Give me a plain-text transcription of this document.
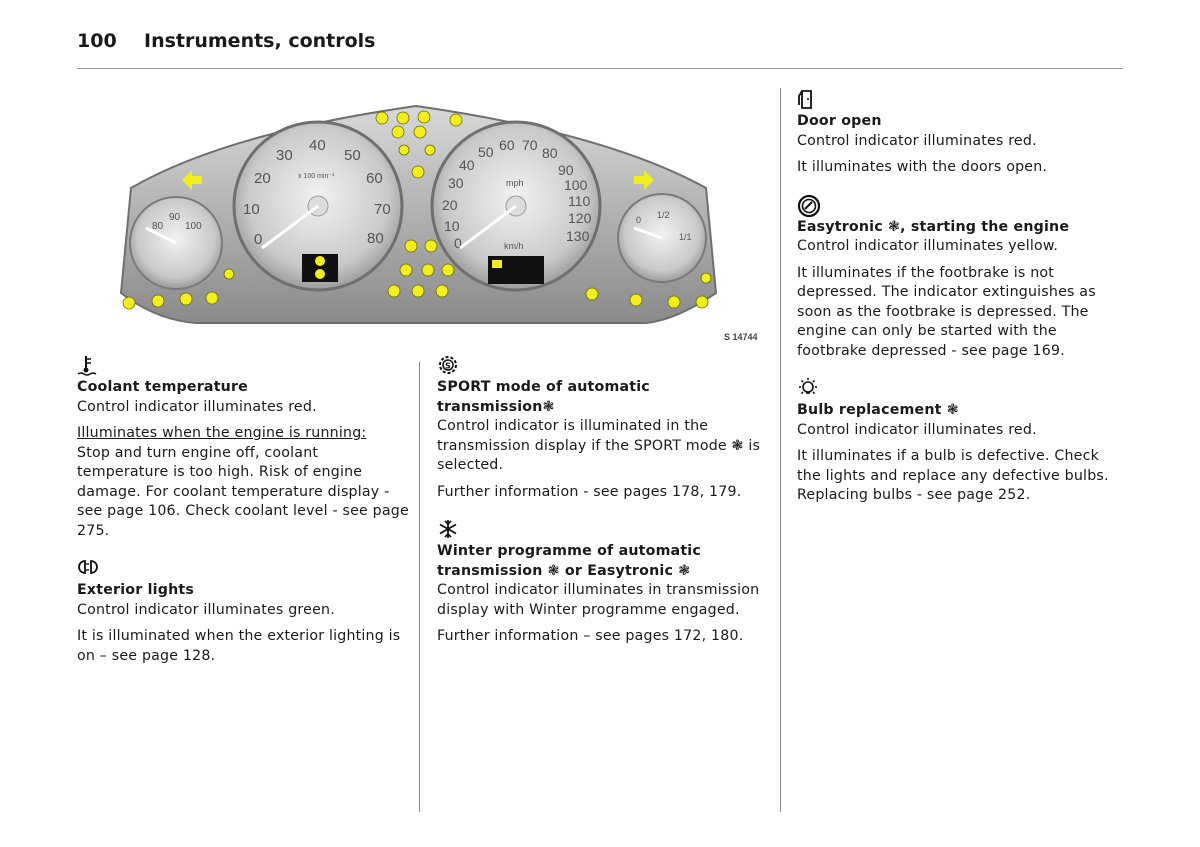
100 Instruments, controls
80
90
100
10
20
30
40
50
60
70
80
0
x 100 min⁻¹
0
10
20
30
40
50 60 70 80
90
100
110
120
130
mph
km/h
0 1/2
1/1
S 14744
Coolant temperature

Control indicator illuminates red.

Illuminates when the engine is running:

Stop and turn engine off, coolant temperature is too high. Risk of engine damage. For coolant temperature display - see page 106. Check coolant level - see page 275.

Exterior lights

Control indicator illuminates green.

It is illuminated when the exterior lighting is on – see page 128.

S
SPORT mode of automatic transmission❃

Control indicator is illuminated in the transmission display if the SPORT mode ❃ is selected.

Further information - see pages 178, 179.

Winter programme of automatic transmission ❃ or Easytronic ❃

Control indicator illuminates in transmission display with Winter programme engaged.

Further information – see pages 172, 180.

Door open

Control indicator illuminates red.

It illuminates with the doors open.

Easytronic ❃, starting the engine

Control indicator illuminates yellow.

It illuminates if the footbrake is not depressed. The indicator extinguishes as soon as the footbrake is depressed. The engine can only be started with the footbrake depressed - see page 169.

Bulb replacement ❃

Control indicator illuminates red.

It illuminates if a bulb is defective. Check the lights and replace any defective bulbs. Replacing bulbs - see page 252.
